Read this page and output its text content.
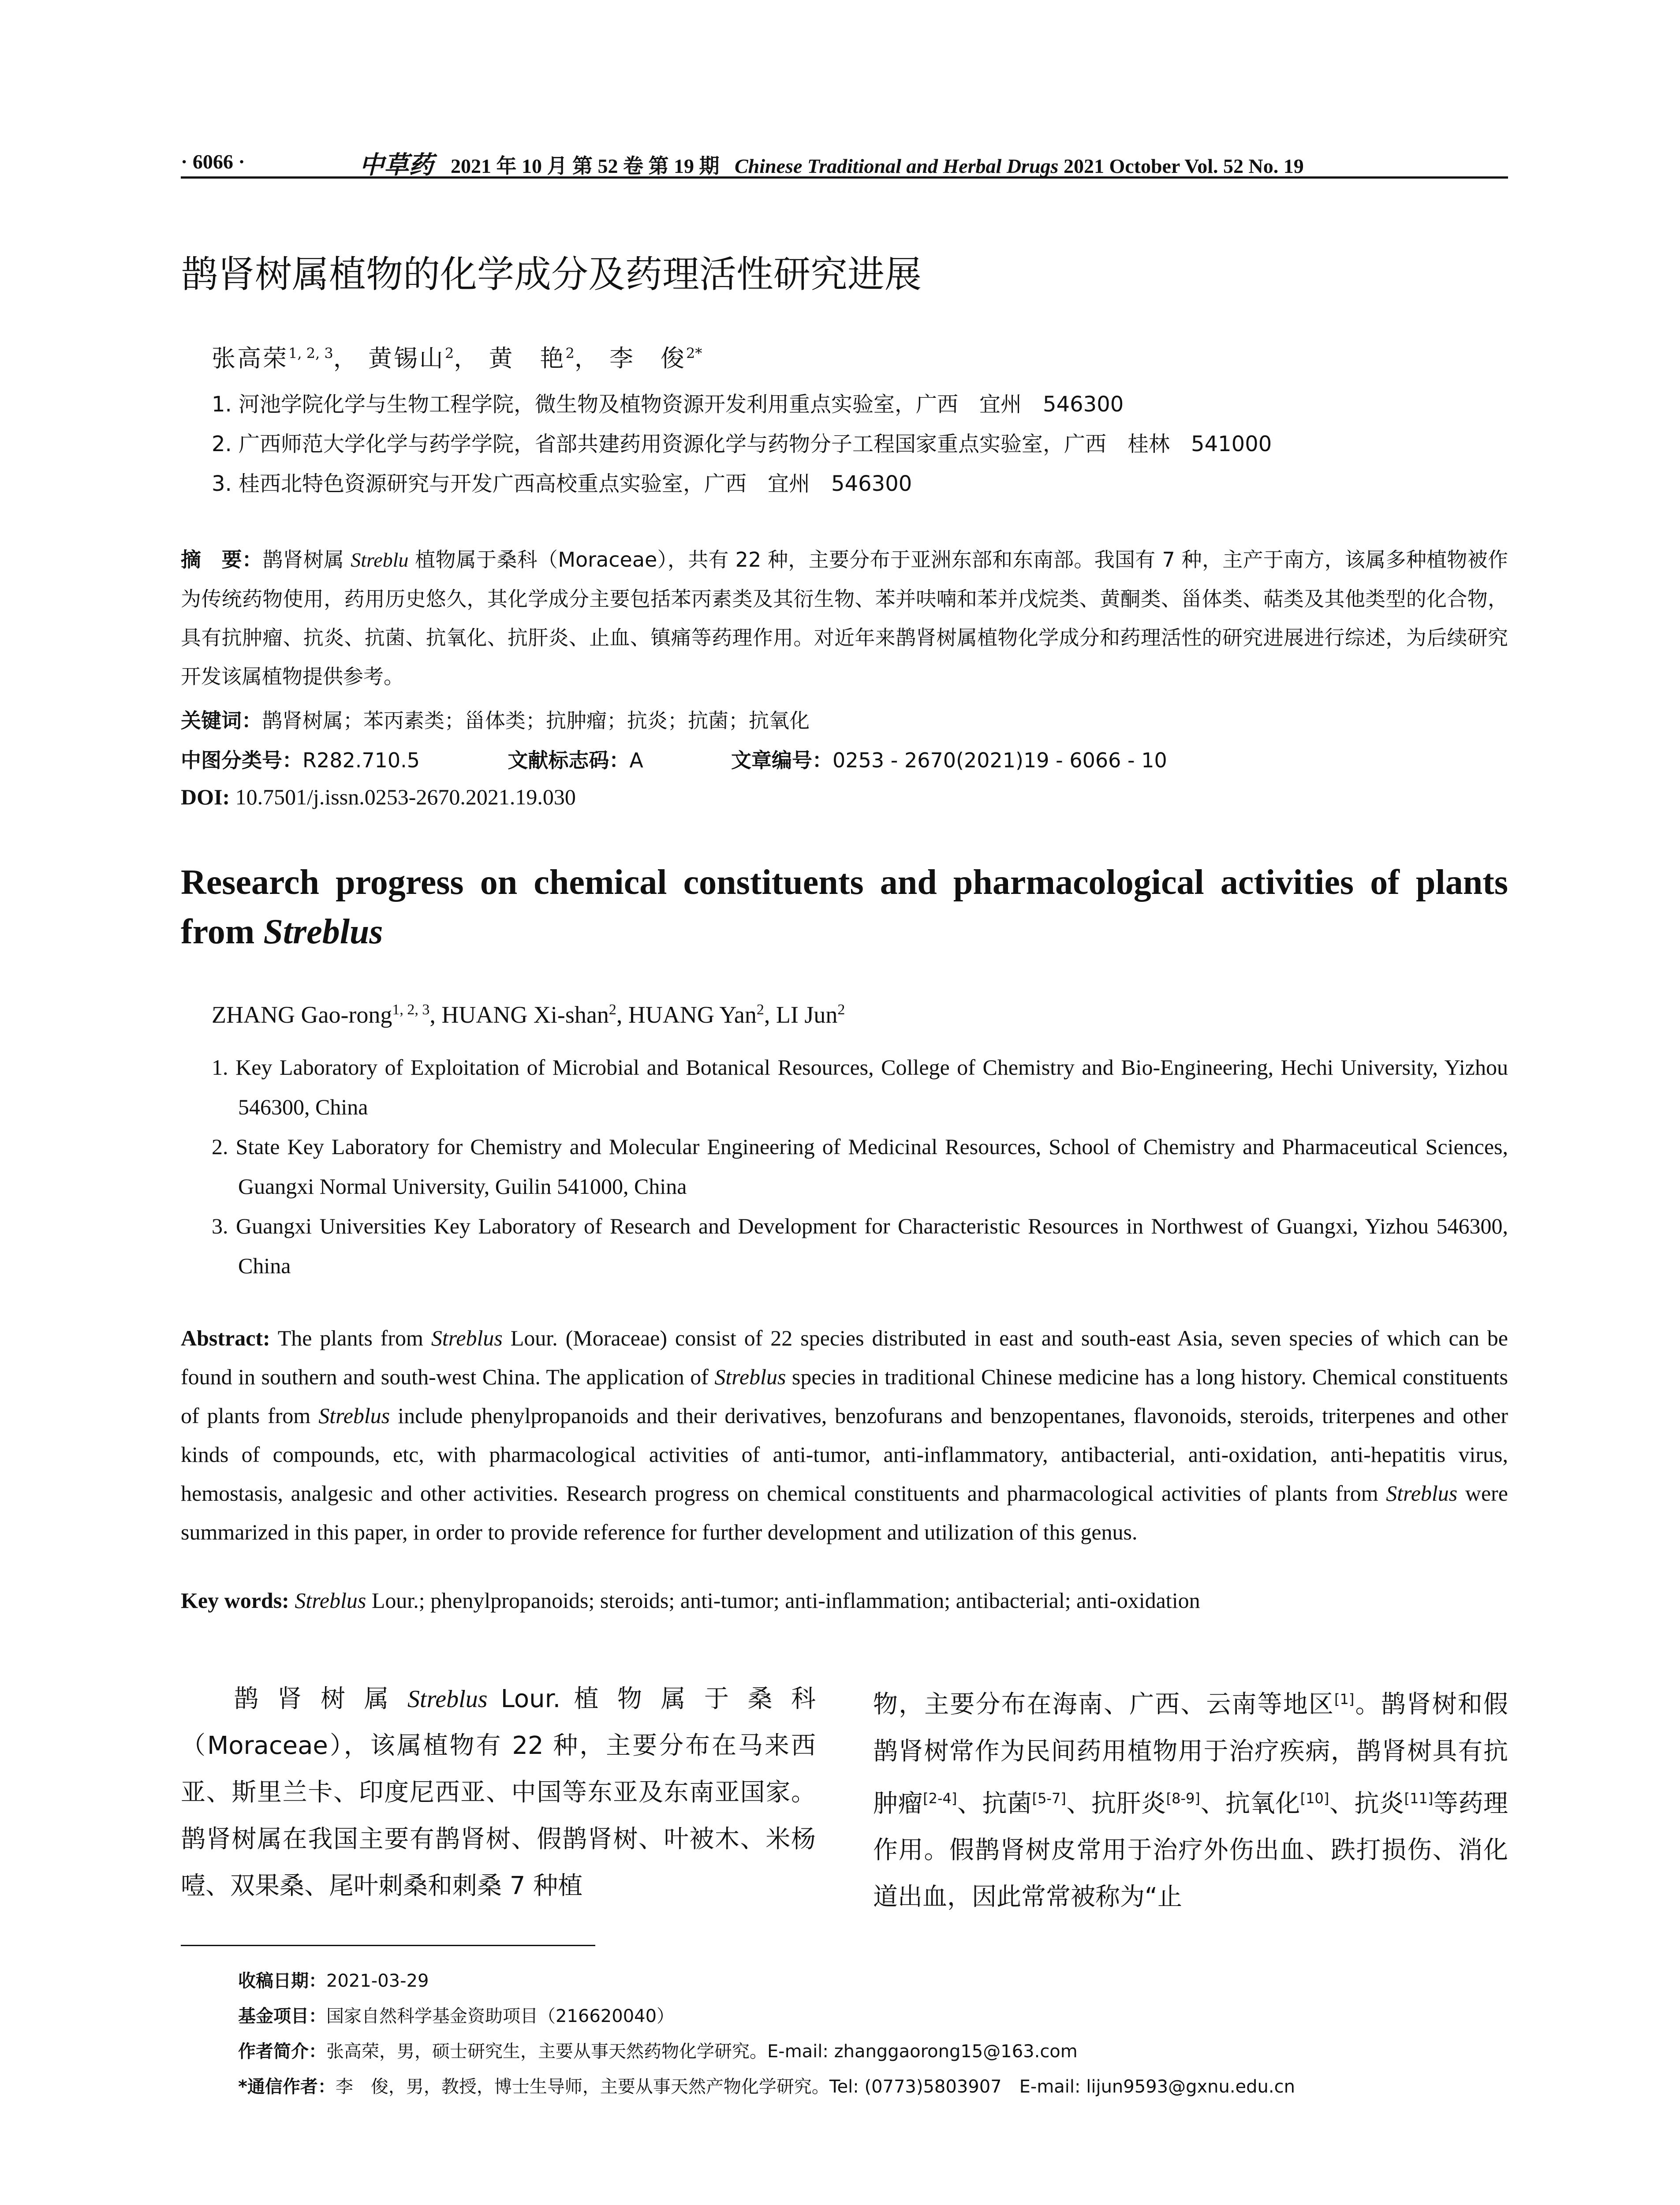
· 6066 ·	中草药 2021 年 10 月 第 52 卷 第 19 期 Chinese Traditional and Herbal Drugs 2021 October Vol. 52 No. 19
鹊肾树属植物的化学成分及药理活性研究进展
张高荣$^{1, 2, 3}$， 黄锡山$^2$， 黄　艳$^2$， 李　俊$^{2*}$
1. 河池学院化学与生物工程学院，微生物及植物资源开发利用重点实验室，广西　宜州　546300
2. 广西师范大学化学与药学学院，省部共建药用资源化学与药物分子工程国家重点实验室，广西　桂林　541000
3. 桂西北特色资源研究与开发广西高校重点实验室，广西　宜州　546300
摘　要：鹊肾树属 Streblu 植物属于桑科（Moraceae），共有 22 种，主要分布于亚洲东部和东南部。我国有 7 种，主产于南方，该属多种植物被作为传统药物使用，药用历史悠久，其化学成分主要包括苯丙素类及其衍生物、苯并呋喃和苯并戊烷类、黄酮类、甾体类、萜类及其他类型的化合物，具有抗肿瘤、抗炎、抗菌、抗氧化、抗肝炎、止血、镇痛等药理作用。对近年来鹊肾树属植物化学成分和药理活性的研究进展进行综述，为后续研究开发该属植物提供参考。
关键词：鹊肾树属；苯丙素类；甾体类；抗肿瘤；抗炎；抗菌；抗氧化
中图分类号：R282.710.5	文献标志码：A	文章编号：0253 - 2670(2021)19 - 6066 - 10
DOI: 10.7501/j.issn.0253-2670.2021.19.030
Research progress on chemical constituents and pharmacological activities of plants from Streblus
ZHANG Gao-rong$^{1, 2, 3}$, HUANG Xi-shan$^2$, HUANG Yan$^2$, LI Jun$^2$
1. Key Laboratory of Exploitation of Microbial and Botanical Resources, College of Chemistry and Bio-Engineering, Hechi University, Yizhou 546300, China
2. State Key Laboratory for Chemistry and Molecular Engineering of Medicinal Resources, School of Chemistry and Pharmaceutical Sciences, Guangxi Normal University, Guilin 541000, China
3. Guangxi Universities Key Laboratory of Research and Development for Characteristic Resources in Northwest of Guangxi, Yizhou 546300, China
Abstract: The plants from Streblus Lour. (Moraceae) consist of 22 species distributed in east and south-east Asia, seven species of which can be found in southern and south-west China. The application of Streblus species in traditional Chinese medicine has a long history. Chemical constituents of plants from Streblus include phenylpropanoids and their derivatives, benzofurans and benzopentanes, flavonoids, steroids, triterpenes and other kinds of compounds, etc, with pharmacological activities of anti-tumor, anti-inflammatory, antibacterial, anti-oxidation, anti-hepatitis virus, hemostasis, analgesic and other activities. Research progress on chemical constituents and pharmacological activities of plants from Streblus were summarized in this paper, in order to provide reference for further development and utilization of this genus.
Key words: Streblus Lour.; phenylpropanoids; steroids; anti-tumor; anti-inflammation; antibacterial; anti-oxidation
鹊 肾 树 属 Streblus Lour. 植 物 属 于 桑 科（Moraceae），该属植物有 22 种，主要分布在马来西亚、斯里兰卡、印度尼西亚、中国等东亚及东南亚国家。鹊肾树属在我国主要有鹊肾树、假鹊肾树、叶被木、米杨噎、双果桑、尾叶刺桑和刺桑 7 种植
物，主要分布在海南、广西、云南等地区[1]。鹊肾树和假鹊肾树常作为民间药用植物用于治疗疾病，鹊肾树具有抗肿瘤[2-4]、抗菌[5-7]、抗肝炎[8-9]、抗氧化[10]、抗炎[11]等药理作用。假鹊肾树皮常用于治疗外伤出血、跌打损伤、消化道出血，因此常常被称为“止
收稿日期：2021-03-29
基金项目：国家自然科学基金资助项目（216620040）
作者简介：张高荣，男，硕士研究生，主要从事天然药物化学研究。E-mail: zhanggaorong15@163.com
*通信作者：李　俊，男，教授，博士生导师，主要从事天然产物化学研究。Tel: (0773)5803907　E-mail: lijun9593@gxnu.edu.cn
